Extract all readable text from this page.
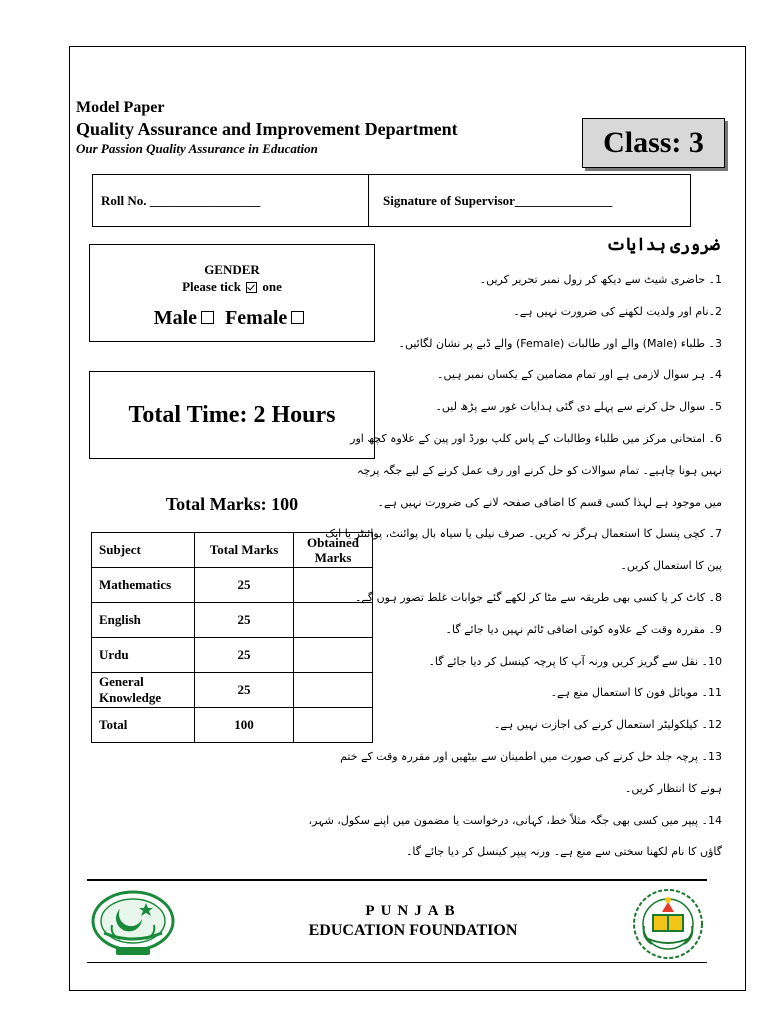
Model Paper
Quality Assurance and Improvement Department
Our Passion Quality Assurance in Education	Class: 3
Roll No. _________________	Signature of Supervisor_______________
GENDER
Please tick one
Male Female
Total Time: 2 Hours
Total Marks: 100
Subject	Total Marks	Obtained
Marks
Mathematics	25	
English	25	
Urdu	25	
General
Knowledge	25	
Total	100	
ضروری ہدایات
1۔ حاضری شیٹ سے دیکھ کر رول نمبر تحریر کریں۔
2۔نام اور ولدیت لکھنے کی ضرورت نہیں ہے۔
3۔ طلباء (Male) والے اور طالبات (Female) والے ڈبے پر نشان لگائیں۔
4۔ ہر سوال لازمی ہے اور تمام مضامین کے یکساں نمبر ہیں۔
5۔ سوال حل کرنے سے پہلے دی گئی ہدایات غور سے پڑھ لیں۔
6۔ امتحانی مرکز میں طلباء وطالبات کے پاس کلپ بورڈ اور پین کے علاوہ کچھ اور
نہیں ہونا چاہیے۔ تمام سوالات کو حل کرنے اور رف عمل کرنے کے لیے جگہ پرچہ
میں موجود ہے لہذا کسی قسم کا اضافی صفحہ لانے کی ضرورت نہیں ہے۔
7۔ کچی پنسل کا استعمال ہرگز نہ کریں۔ صرف نیلی یا سیاہ بال پوائنٹ، پوائنٹر یا انک
پین کا استعمال کریں۔
8۔ کاٹ کر یا کسی بھی طریقہ سے مٹا کر لکھے گئے جوابات غلط تصور ہوں گے۔
9۔ مقررہ وقت کے علاوہ کوئی اضافی ٹائم نہیں دیا جائے گا۔
10۔ نقل سے گریز کریں ورنہ آپ کا پرچہ کینسل کر دیا جائے گا۔
11۔ موبائل فون کا استعمال منع ہے۔
12۔ کیلکولیٹر استعمال کرنے کی اجازت نہیں ہے۔
13۔ پرچہ جلد حل کرنے کی صورت میں اطمینان سے بیٹھیں اور مقررہ وقت کے ختم
ہونے کا انتظار کریں۔
14۔ پیپر میں کسی بھی جگہ مثلاً خط، کہانی، درخواست یا مضمون میں اپنے سکول، شہر،
گاؤں کا نام لکھنا سختی سے منع ہے۔ ورنہ پیپر کینسل کر دیا جائے گا۔
PUNJAB
EDUCATION FOUNDATION
